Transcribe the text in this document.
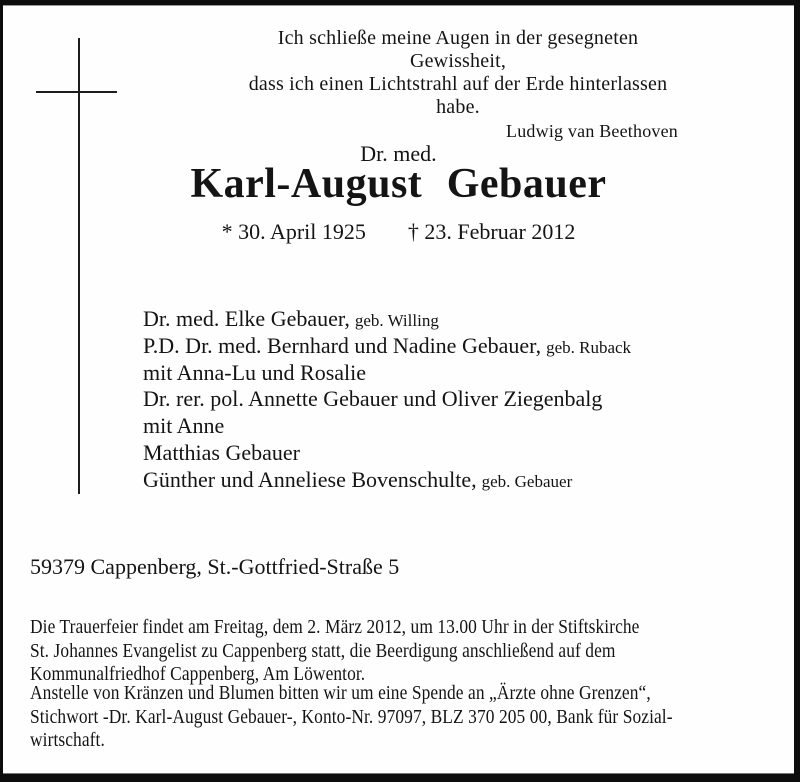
Ich schließe meine Augen in der gesegneten Gewissheit,
dass ich einen Lichtstrahl auf der Erde hinterlassen habe.
Ludwig van Beethoven
Dr. med.
Karl-August Gebauer
* 30. April 1925 † 23. Februar 2012
Dr. med. Elke Gebauer, geb. Willing
P.D. Dr. med. Bernhard und Nadine Gebauer, geb. Ruback
mit Anna-Lu und Rosalie
Dr. rer. pol. Annette Gebauer und Oliver Ziegenbalg
mit Anne
Matthias Gebauer
Günther und Anneliese Bovenschulte, geb. Gebauer
59379 Cappenberg, St.-Gottfried-Straße 5
Die Trauerfeier findet am Freitag, dem 2. März 2012, um 13.00 Uhr in der Stiftskirche
St. Johannes Evangelist zu Cappenberg statt, die Beerdigung anschließend auf dem
Kommunalfriedhof Cappenberg, Am Löwentor.
Anstelle von Kränzen und Blumen bitten wir um eine Spende an „Ärzte ohne Grenzen“,
Stichwort -Dr. Karl-August Gebauer-, Konto-Nr. 97097, BLZ 370 205 00, Bank für Sozial-
wirtschaft.
